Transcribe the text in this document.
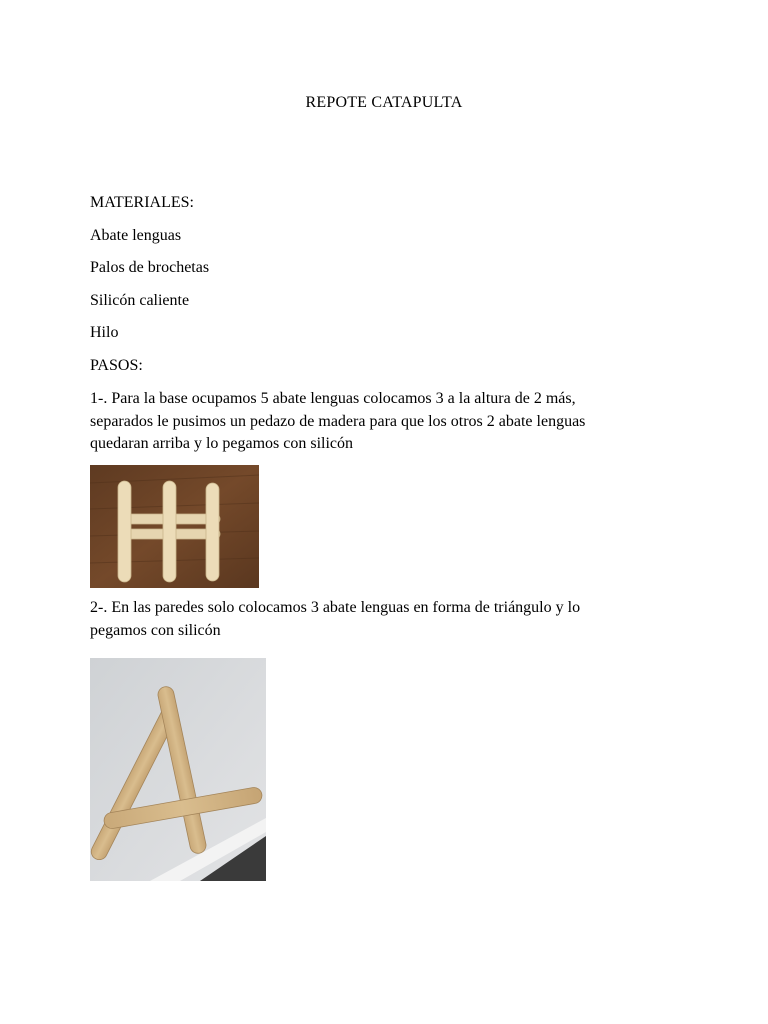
REPOTE CATAPULTA
MATERIALES:
Abate lenguas
Palos de brochetas
Silicón caliente
Hilo
PASOS:
1-. Para la base ocupamos 5 abate lenguas colocamos 3 a la altura de 2 más,
separados le pusimos un pedazo de madera para que los otros 2 abate lenguas
quedaran arriba y lo pegamos con silicón
2-. En las paredes solo colocamos 3 abate lenguas en forma de triángulo y lo
pegamos con silicón
